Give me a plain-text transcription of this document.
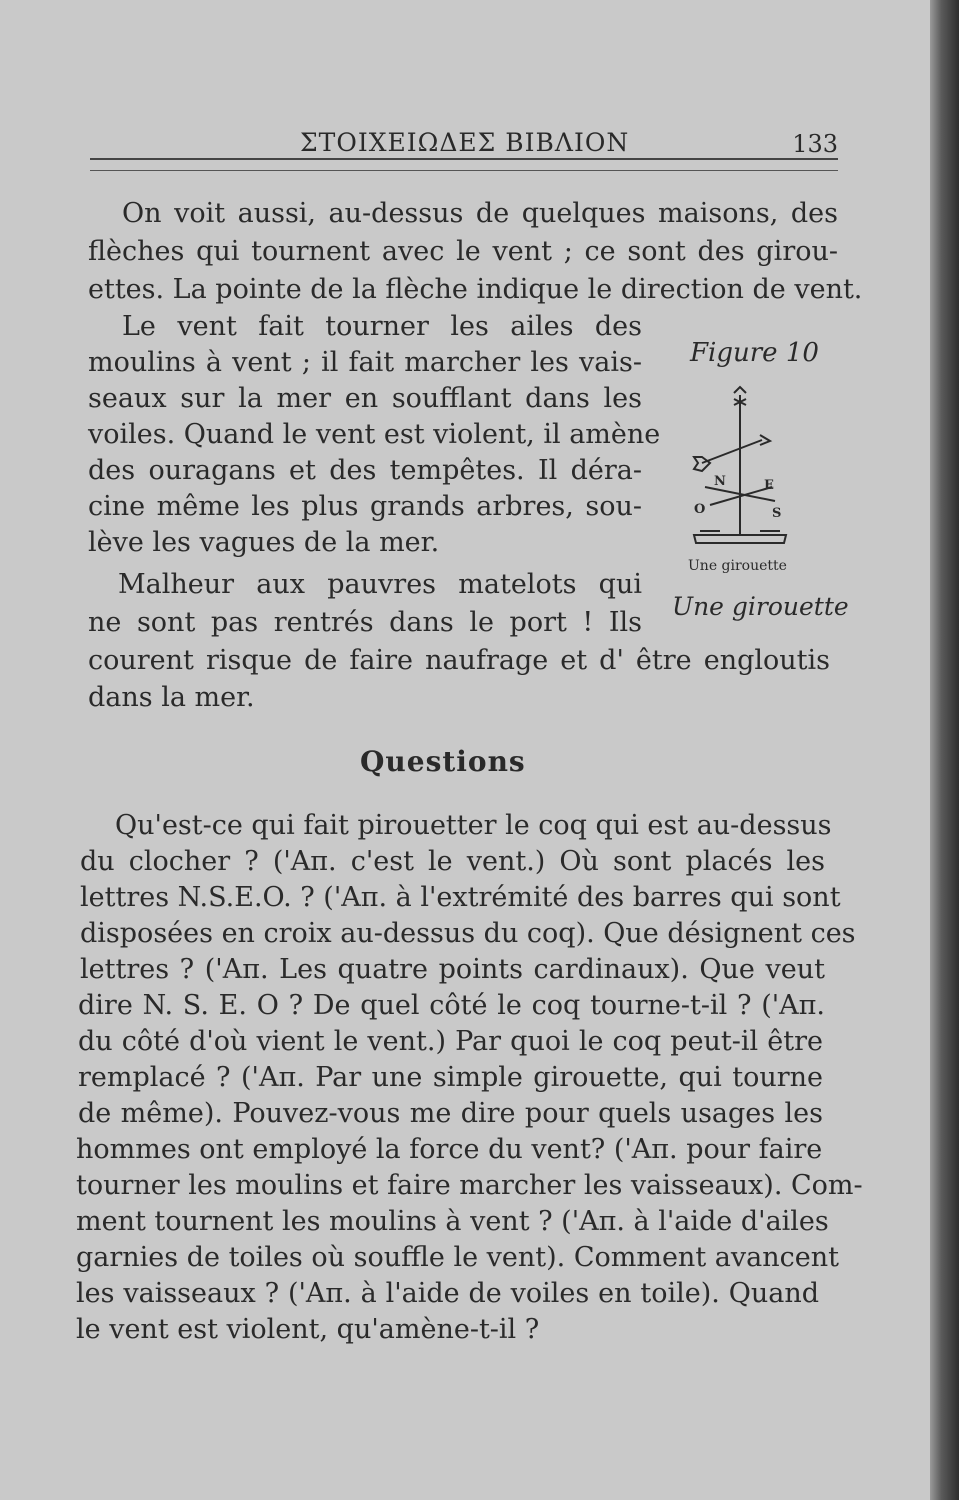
ΣΤΟΙΧΕΙΩΔΕΣ ΒΙΒΛΙΟΝ	133
On voit aussi, au-dessus de quelques maisons, des
flèches qui tournent avec le vent ; ce sont des girou-
ettes. La pointe de la flèche indique le direction de vent.
Le vent fait tourner les ailes des
moulins à vent ; il fait marcher les vais-
seaux sur la mer en soufflant dans les
voiles. Quand le vent est violent, il amène
des ouragans et des tempêtes. Il déra-
cine même les plus grands arbres, sou-
lève les vagues de la mer.
Malheur aux pauvres matelots qui
ne sont pas rentrés dans le port ! Ils
courent risque de faire naufrage et d' être engloutis
dans la mer.
Figure 10
N	E
O	S
Une girouette
Une girouette
Questions
Qu'est-ce qui fait pirouetter le coq qui est au-dessus
du clocher ? ('Απ. c'est le vent.) Où sont placés les
lettres N.S.E.O. ? ('Απ. à l'extrémité des barres qui sont
disposées en croix au-dessus du coq). Que désignent ces
lettres ? ('Απ. Les quatre points cardinaux). Que veut
dire N. S. E. O ? De quel côté le coq tourne-t-il ? ('Απ.
du côté d'où vient le vent.) Par quoi le coq peut-il être
remplacé ? ('Απ. Par une simple girouette, qui tourne
de même). Pouvez-vous me dire pour quels usages les
hommes ont employé la force du vent? ('Απ. pour faire
tourner les moulins et faire marcher les vaisseaux). Com-
ment tournent les moulins à vent ? ('Απ. à l'aide d'ailes
garnies de toiles où souffle le vent). Comment avancent
les vaisseaux ? ('Απ. à l'aide de voiles en toile). Quand
le vent est violent, qu'amène-t-il ?
